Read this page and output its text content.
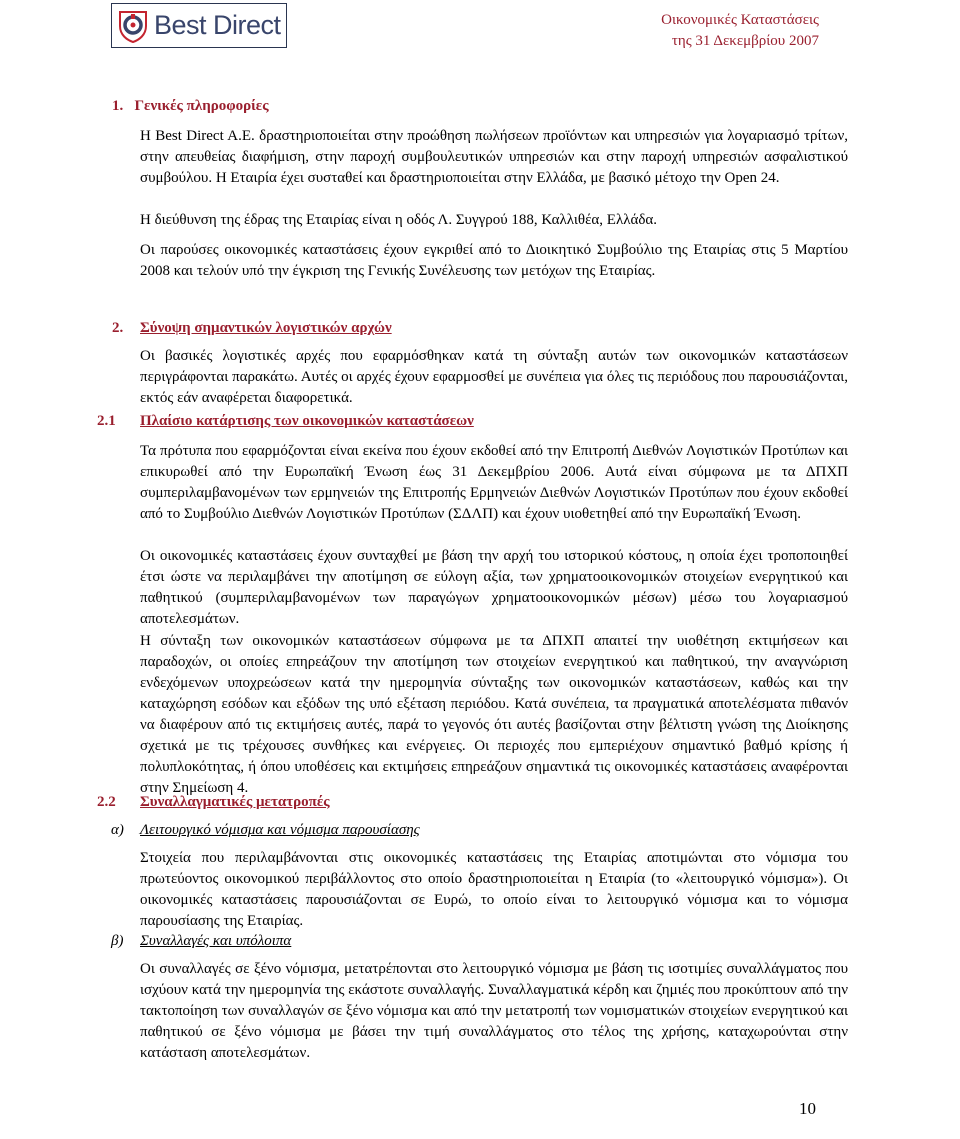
Best Direct	Οικονομικές Καταστάσεις
της 31 Δεκεμβρίου 2007
1. Γενικές πληροφορίες

Η Best Direct A.E. δραστηριοποιείται στην προώθηση πωλήσεων προϊόντων και υπηρεσιών για λογαριασμό τρίτων, στην απευθείας διαφήμιση, στην παροχή συμβουλευτικών υπηρεσιών και στην παροχή υπηρεσιών ασφαλιστικού συμβούλου. Η Εταιρία έχει συσταθεί και δραστηριοποιείται στην Ελλάδα, με βασικό μέτοχο την Open 24.

Η διεύθυνση της έδρας της Εταιρίας είναι η οδός Λ. Συγγρού 188, Καλλιθέα, Ελλάδα.

Οι παρούσες οικονομικές καταστάσεις έχουν εγκριθεί από το Διοικητικό Συμβούλιο της Εταιρίας στις 5 Μαρτίου 2008 και τελούν υπό την έγκριση της Γενικής Συνέλευσης των μετόχων της Εταιρίας.

2. Σύνοψη σημαντικών λογιστικών αρχών

Οι βασικές λογιστικές αρχές που εφαρμόσθηκαν κατά τη σύνταξη αυτών των οικονομικών καταστάσεων περιγράφονται παρακάτω. Αυτές οι αρχές έχουν εφαρμοσθεί με συνέπεια για όλες τις περιόδους που παρουσιάζονται, εκτός εάν αναφέρεται διαφορετικά.

2.1 Πλαίσιο κατάρτισης των οικονομικών καταστάσεων

Τα πρότυπα που εφαρμόζονται είναι εκείνα που έχουν εκδοθεί από την Επιτροπή Διεθνών Λογιστικών Προτύπων και επικυρωθεί από την Ευρωπαϊκή Ένωση έως 31 Δεκεμβρίου 2006. Αυτά είναι σύμφωνα με τα ΔΠΧΠ συμπεριλαμβανομένων των ερμηνειών της Επιτροπής Ερμηνειών Διεθνών Λογιστικών Προτύπων που έχουν εκδοθεί από το Συμβούλιο Διεθνών Λογιστικών Προτύπων (ΣΔΛΠ) και έχουν υιοθετηθεί από την Ευρωπαϊκή Ένωση.

Οι οικονομικές καταστάσεις έχουν συνταχθεί με βάση την αρχή του ιστορικού κόστους, η οποία έχει τροποποιηθεί έτσι ώστε να περιλαμβάνει την αποτίμηση σε εύλογη αξία, των χρηματοοικονομικών στοιχείων ενεργητικού και παθητικού (συμπεριλαμβανομένων των παραγώγων χρηματοοικονομικών μέσων) μέσω του λογαριασμού αποτελεσμάτων.

Η σύνταξη των οικονομικών καταστάσεων σύμφωνα με τα ΔΠΧΠ απαιτεί την υιοθέτηση εκτιμήσεων και παραδοχών, οι οποίες επηρεάζουν την αποτίμηση των στοιχείων ενεργητικού και παθητικού, την αναγνώριση ενδεχόμενων υποχρεώσεων κατά την ημερομηνία σύνταξης των οικονομικών καταστάσεων, καθώς και την καταχώρηση εσόδων και εξόδων της υπό εξέταση περιόδου. Κατά συνέπεια, τα πραγματικά αποτελέσματα πιθανόν να διαφέρουν από τις εκτιμήσεις αυτές, παρά το γεγονός ότι αυτές βασίζονται στην βέλτιστη γνώση της Διοίκησης σχετικά με τις τρέχουσες συνθήκες και ενέργειες. Οι περιοχές που εμπεριέχουν σημαντικό βαθμό κρίσης ή πολυπλοκότητας, ή όπου υποθέσεις και εκτιμήσεις επηρεάζουν σημαντικά τις οικονομικές καταστάσεις αναφέρονται στην Σημείωση 4.

2.2 Συναλλαγματικές μετατροπές
α) Λειτουργικό νόμισμα και νόμισμα παρουσίασης

Στοιχεία που περιλαμβάνονται στις οικονομικές καταστάσεις της Εταιρίας αποτιμώνται στο νόμισμα του πρωτεύοντος οικονομικού περιβάλλοντος στο οποίο δραστηριοποιείται η Εταιρία (το «λειτουργικό νόμισμα»). Οι οικονομικές καταστάσεις παρουσιάζονται σε Ευρώ, το οποίο είναι το λειτουργικό νόμισμα και το νόμισμα παρουσίασης της Εταιρίας.

β) Συναλλαγές και υπόλοιπα

Οι συναλλαγές σε ξένο νόμισμα, μετατρέπονται στο λειτουργικό νόμισμα με βάση τις ισοτιμίες συναλλάγματος που ισχύουν κατά την ημερομηνία της εκάστοτε συναλλαγής. Συναλλαγματικά κέρδη και ζημιές που προκύπτουν από την τακτοποίηση των συναλλαγών σε ξένο νόμισμα και από την μετατροπή των νομισματικών στοιχείων ενεργητικού και παθητικού σε ξένο νόμισμα με βάσει την τιμή συναλλάγματος στο τέλος της χρήσης, καταχωρούνται στην κατάσταση αποτελεσμάτων.

10
